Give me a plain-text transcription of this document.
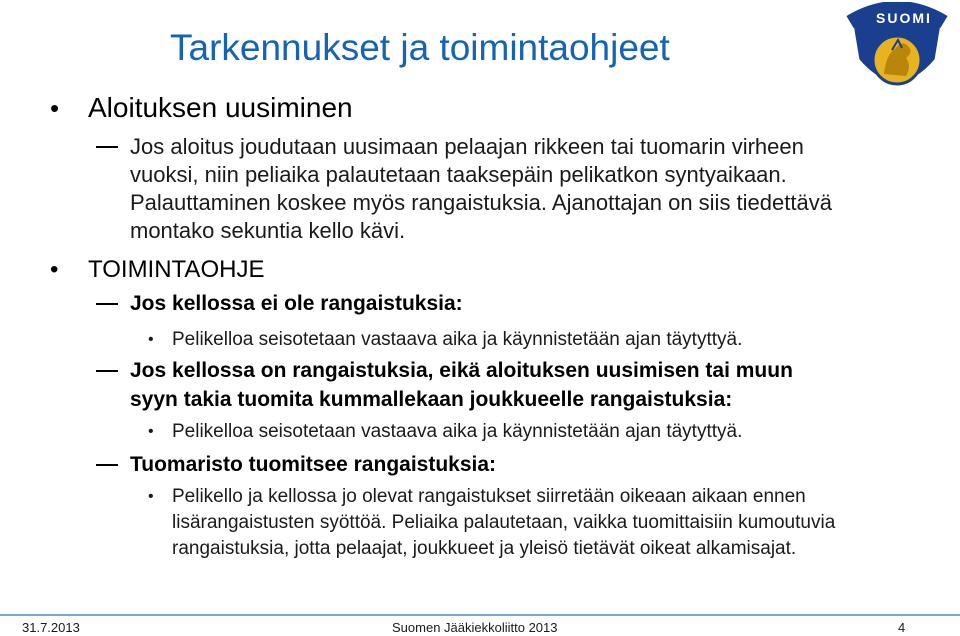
Tarkennukset ja toimintaohjeet
SUOMI
• Aloituksen uusiminen
Jos aloitus joudutaan uusimaan pelaajan rikkeen tai tuomarin virheen
vuoksi, niin peliaika palautetaan taaksepäin pelikatkon syntyaikaan.
Palauttaminen koskee myös rangaistuksia. Ajanottajan on siis tiedettävä
montako sekuntia kello kävi.
• TOIMINTAOHJE
Jos kellossa ei ole rangaistuksia:
• Pelikelloa seisotetaan vastaava aika ja käynnistetään ajan täytyttyä.
Jos kellossa on rangaistuksia, eikä aloituksen uusimisen tai muun
syyn takia tuomita kummallekaan joukkueelle rangaistuksia:
• Pelikelloa seisotetaan vastaava aika ja käynnistetään ajan täytyttyä.
Tuomaristo tuomitsee rangaistuksia:
• Pelikello ja kellossa jo olevat rangaistukset siirretään oikeaan aikaan ennen
lisärangaistusten syöttöä. Peliaika palautetaan, vaikka tuomittaisiin kumoutuvia
rangaistuksia, jotta pelaajat, joukkueet ja yleisö tietävät oikeat alkamisajat.
31.7.2013	Suomen Jääkiekkoliitto 2013	4
